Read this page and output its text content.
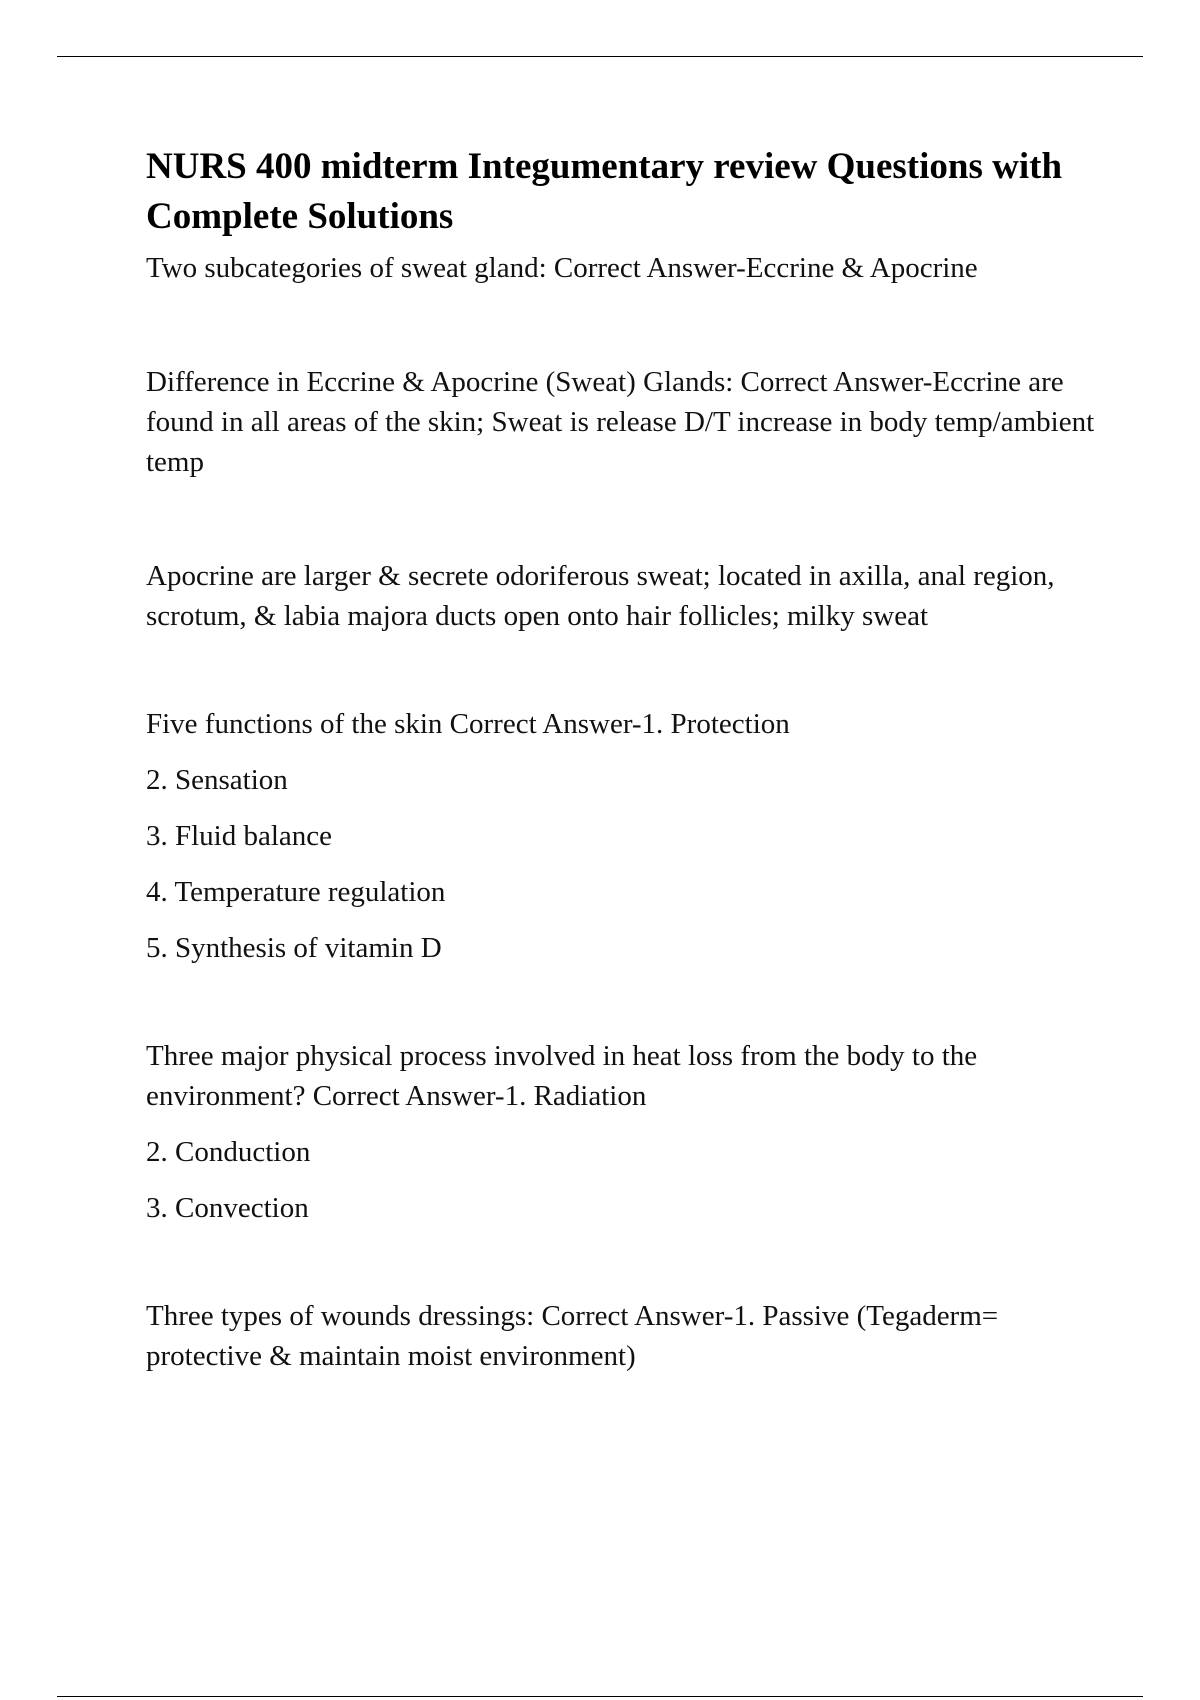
NURS 400 midterm Integumentary review Questions with Complete Solutions

Two subcategories of sweat gland: Correct Answer-Eccrine & Apocrine

Difference in Eccrine & Apocrine (Sweat) Glands: Correct Answer-Eccrine are found in all areas of the skin; Sweat is release D/T increase in body temp/ambient temp

Apocrine are larger & secrete odoriferous sweat; located in axilla, anal region, scrotum, & labia majora ducts open onto hair follicles; milky sweat

Five functions of the skin Correct Answer-1. Protection

2. Sensation

3. Fluid balance

4. Temperature regulation

5. Synthesis of vitamin D

Three major physical process involved in heat loss from the body to the environment? Correct Answer-1. Radiation

2. Conduction

3. Convection

Three types of wounds dressings: Correct Answer-1. Passive (Tegaderm= protective & maintain moist environment)
